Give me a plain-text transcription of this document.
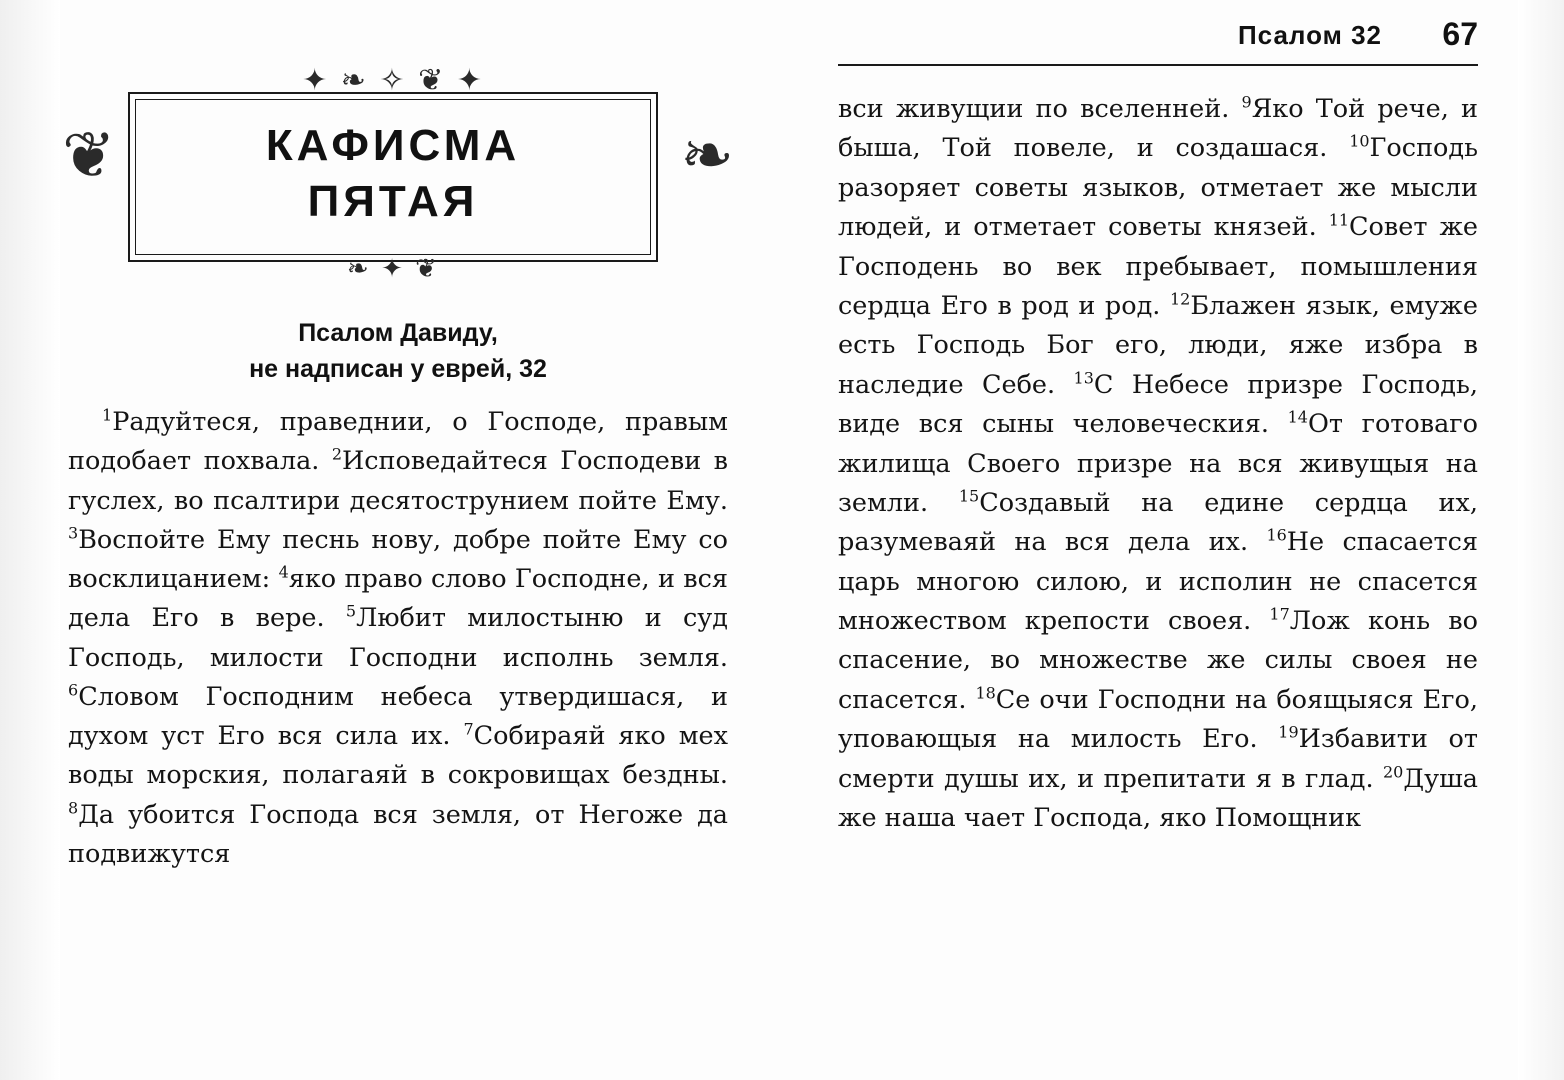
✦ ❧ ✧ ❦ ✦
❦	❧
КАФИСМА
ПЯТАЯ
❧ ✦ ❦
Псалом Давиду,
не надписан у еврей, 32
$^1$Радуйтеся, праведнии, о Господе, правым подобает похвала. $^2$Исповедайтеся Господеви в гуслех, во псалтири десятострунием пойте Ему. $^3$Воспойте Ему песнь нову, добре пойте Ему со восклицанием: $^4$яко право слово Господне, и вся дела Его в вере. $^5$Любит милостыню и суд Господь, милости Господни исполнь земля. $^6$Словом Господним небеса утвердишася, и духом уст Его вся сила их. $^7$Собираяй яко мех воды морския, полагаяй в сокровищах бездны. $^8$Да убоится Господа вся земля, от Негоже да подвижутся
Псалом 32 67
вси живущии по вселенней. $^9$Яко Той рече, и быша, Той повеле, и создашася. $^{10}$Господь разоряет советы языков, отметает же мысли людей, и отметает советы князей. $^{11}$Совет же Господень во век пребывает, помышления сердца Его в род и род. $^{12}$Блажен язык, емуже есть Господь Бог его, люди, яже избра в наследие Себе. $^{13}$С Небесе призре Господь, виде вся сыны человеческия. $^{14}$От готоваго жилища Своего призре на вся живущыя на земли. $^{15}$Создавый на едине сердца их, разумеваяй на вся дела их. $^{16}$Не спасается царь многою силою, и исполин не спасется множеством крепости своея. $^{17}$Лож конь во спасение, во множестве же силы своея не спасется. $^{18}$Се очи Господни на боящыяся Его, уповающыя на милость Его. $^{19}$Избавити от смерти душы их, и препитати я в глад. $^{20}$Душа же наша чает Господа, яко Помощник
